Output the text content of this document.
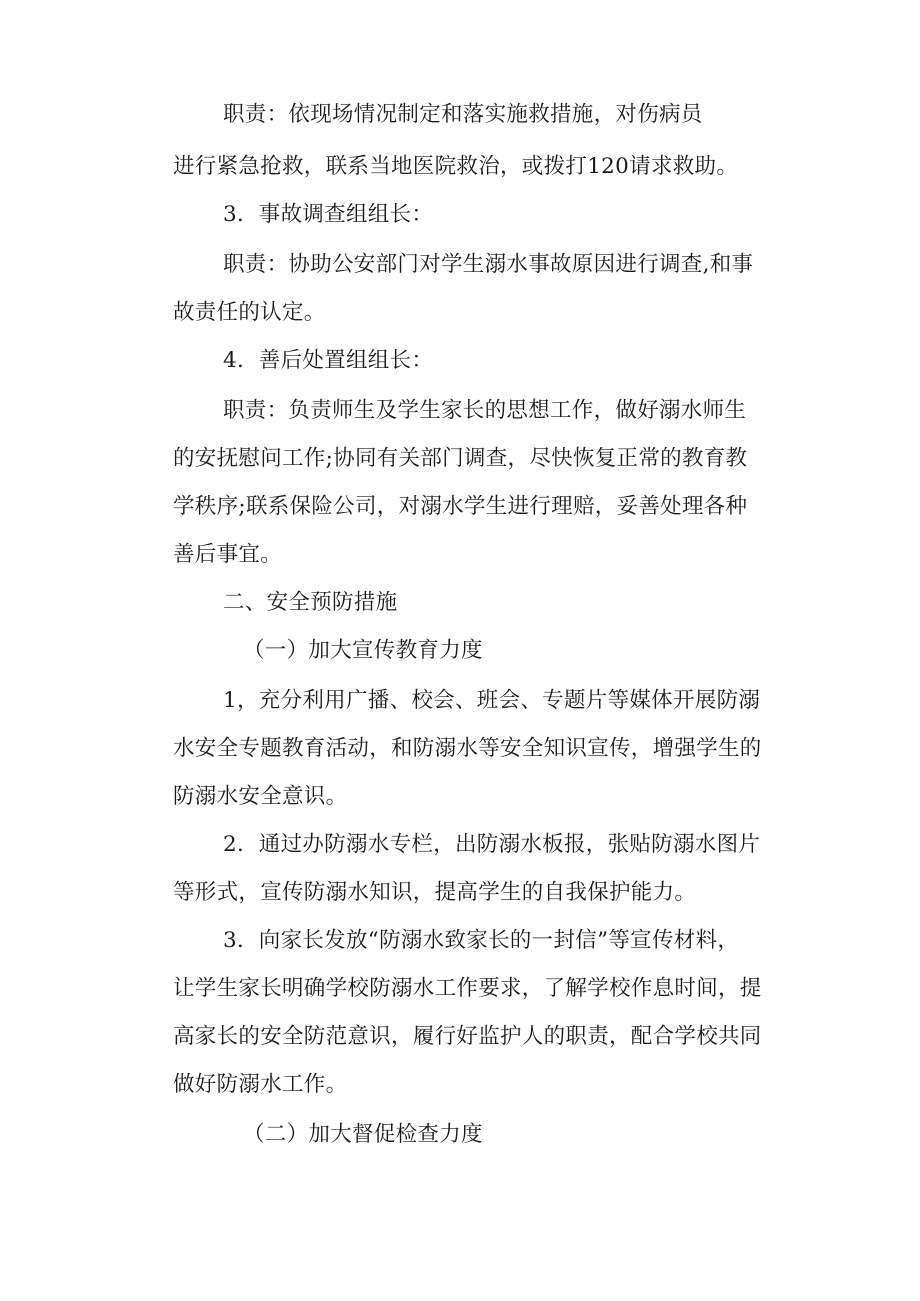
职责：依现场情况制定和落实施救措施，对伤病员
进行紧急抢救，联系当地医院救治，或拨打120请求救助。
3．事故调查组组长：
职责：协助公安部门对学生溺水事故原因进行调查,和事
故责任的认定。
4．善后处置组组长：
职责：负责师生及学生家长的思想工作，做好溺水师生
的安抚慰问工作;协同有关部门调查，尽快恢复正常的教育教
学秩序;联系保险公司，对溺水学生进行理赔，妥善处理各种
善后事宜。
二、安全预防措施
（一）加大宣传教育力度
1，充分利用广播、校会、班会、专题片等媒体开展防溺
水安全专题教育活动，和防溺水等安全知识宣传，增强学生的
防溺水安全意识。
2．通过办防溺水专栏，出防溺水板报，张贴防溺水图片
等形式，宣传防溺水知识，提高学生的自我保护能力。
3．向家长发放“防溺水致家长的一封信”等宣传材料，
让学生家长明确学校防溺水工作要求，了解学校作息时间，提
高家长的安全防范意识，履行好监护人的职责，配合学校共同
做好防溺水工作。
（二）加大督促检查力度
